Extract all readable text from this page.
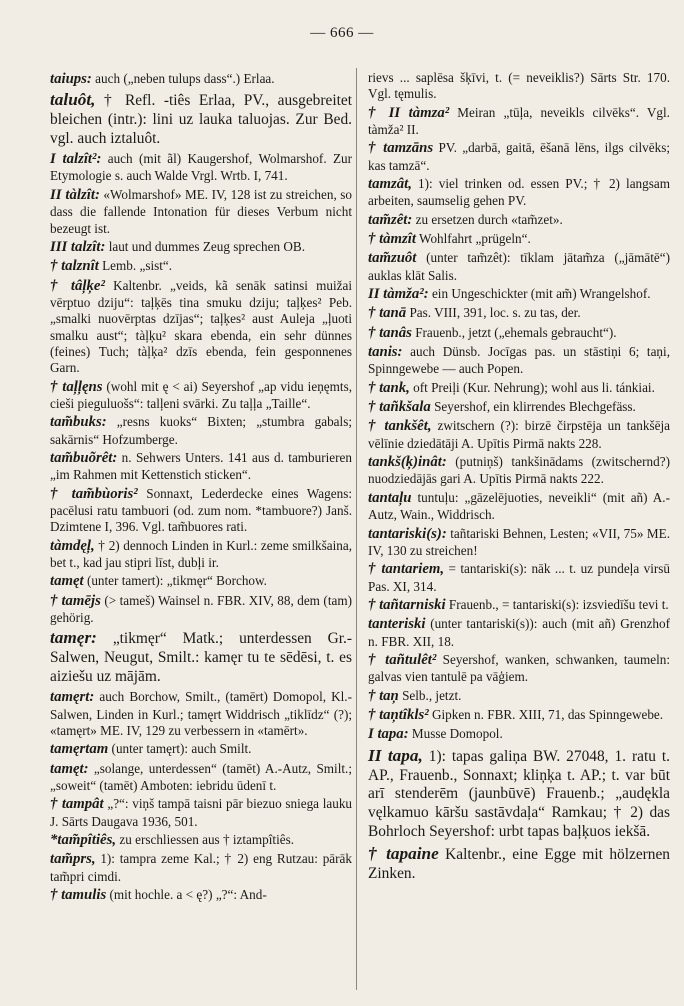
— 666 —
taiups: auch („neben tulups dass“.) Erlaa.
taluôt, † Refl. -tiês Erlaa, PV., ausgebreitet bleichen (intr.): lini uz lauka taluojas. Zur Bed. vgl. auch iztaluôt.
I talzît²: auch (mit ãl) Kaugershof, Wolmarshof. Zur Etymologie s. auch Walde Vrgl. Wrtb. I, 741.
II tàlzît: «Wolmarshof» ME. IV, 128 ist zu streichen, so dass die fallende Intonation für dieses Verbum nicht bezeugt ist.
III talzît: laut und dummes Zeug sprechen OB.
† talznît Lemb. „sist“.
† tâļķe² Kaltenbr. „veids, kã senāk satinsi muižai vērptuo dziju“: taļķēs tina smuku dziju; taļķes² Peb. „smalki nuovērptas dzījas“; taļķes² aust Auleja „ļuoti smalku aust“; tàļķu² skara ebenda, ein sehr dünnes (feines) Tuch; tàļķa² dzīs ebenda, fein gesponnenes Garn.
† taļļęns (wohl mit ę < ai) Seyershof „ap vidu ieņęmts, cieši pieguluošs“: talļeni svārki. Zu taļļa „Taille“.
tam̃buks: „resns kuoks“ Bixten; „stumbra gabals; sakārnis“ Hofzumberge.
tam̃buõrêt: n. Sehwers Unters. 141 aus d. tamburieren „im Rahmen mit Kettenstich sticken“.
† tam̃bùoris² Sonnaxt, Lederdecke eines Wagens: pacēlusi ratu tambuori (od. zum nom. *tambuore?) Janš. Dzimtene I, 396. Vgl. tam̃buores rati.
tàmdęļ, † 2) dennoch Linden in Kurl.: zeme smilkšaina, bet t., kad jau stipri līst, dubļi ir.
tamęt (unter tamert): „tikmęr“ Borchow.
† tamējs (> tameš) Wainsel n. FBR. XIV, 88, dem (tam) gehörig.
tamęr: „tikmęr“ Matk.; unterdessen Gr.-Salwen, Neugut, Smilt.: kamęr tu te sēdēsi, t. es aiziešu uz mājām.
tamęrt: auch Borchow, Smilt., (tamērt) Domopol, Kl.-Salwen, Linden in Kurl.; tamęrt Widdrisch „tiklīdz“ (?); «tamęrt» ME. IV, 129 zu verbessern in «tamērt».
tamęrtam (unter tamęrt): auch Smilt.
tamęt: „solange, unterdessen“ (tamēt) A.-Autz, Smilt.; „soweit“ (tamēt) Amboten: iebridu ūdenī t.
† tampât „?“: viņš tampā taisni pār biezuo sniega lauku J. Sārts Daugava 1936, 501.
*tam̃pîtiês, zu erschliessen aus † iztampîtiês.
tam̃prs, 1): tampra zeme Kal.; † 2) eng Rutzau: pārāk tam̃pri cimdi.
† tamulis (mit hochle. a < ę?) „?“: And-
rievs ... saplēsa šķīvi, t. (= neveiklis?) Sārts Str. 170. Vgl. tęmulis.
† II tàmza² Meiran „tūļa, neveikls cilvēks“. Vgl. tàmža² II.
† tamzāns PV. „darbā, gaitā, ēšanā lēns, ilgs cilvēks; kas tamzā“.
tamzât, 1): viel trinken od. essen PV.; † 2) langsam arbeiten, saumselig gehen PV.
tam̃zêt: zu ersetzen durch «tam̃zet».
† tàmzît Wohlfahrt „prügeln“.
tam̃zuôt (unter tam̃zêt): tīklam jātam̃za („jāmātē“) auklas klāt Salis.
II tàmža²: ein Ungeschickter (mit am̃) Wrangelshof.
† tanā Pas. VIII, 391, loc. s. zu tas, der.
† tanâs Frauenb., jetzt („ehemals gebraucht“).
tanis: auch Dünsb. Jocīgas pas. un stāstiņi 6; taņi, Spinngewebe — auch Popen.
† tank, oft Preiļi (Kur. Nehrung); wohl aus li. tánkiai.
† tañkšala Seyershof, ein klirrendes Blechgefäss.
† tankšêt, zwitschern (?): birzē čirpstēja un tankšēja vēlīnie dziedātāji A. Upītis Pirmā nakts 228.
tankš(ķ)inât: (putniņš) tankšinādams (zwitschernd?) nuodziedājās gari A. Upītis Pirmā nakts 222.
tantaļu tuntuļu: „gāzelējuoties, neveikli“ (mit añ) A.-Autz, Wain., Widdrisch.
tantariski(s): tañtariski Behnen, Lesten; «VII, 75» ME. IV, 130 zu streichen!
† tantariem, = tantariski(s): nāk ... t. uz pundeļa virsū Pas. XI, 314.
† tañtarniski Frauenb., = tantariski(s): izsviedīšu tevi t.
tanteriski (unter tantariski(s)): auch (mit añ) Grenzhof n. FBR. XII, 18.
† tañtulêt² Seyershof, wanken, schwanken, taumeln: galvas vien tantulē pa vāģiem.
† taņ Selb., jetzt.
† taņtîkls² Gipken n. FBR. XIII, 71, das Spinngewebe.
I tapa: Musse Domopol.
II tapa, 1): tapas galiņa BW. 27048, 1. ratu t. AP., Frauenb., Sonnaxt; kliņķa t. AP.; t. var būt arī stenderēm (jaunbūvē) Frauenb.; „audękla vęlkamuo kāršu sastāvdaļa“ Ramkau; † 2) das Bohrloch Seyershof: urbt tapas baļķuos iekšā.
† tapaine Kaltenbr., eine Egge mit hölzernen Zinken.
